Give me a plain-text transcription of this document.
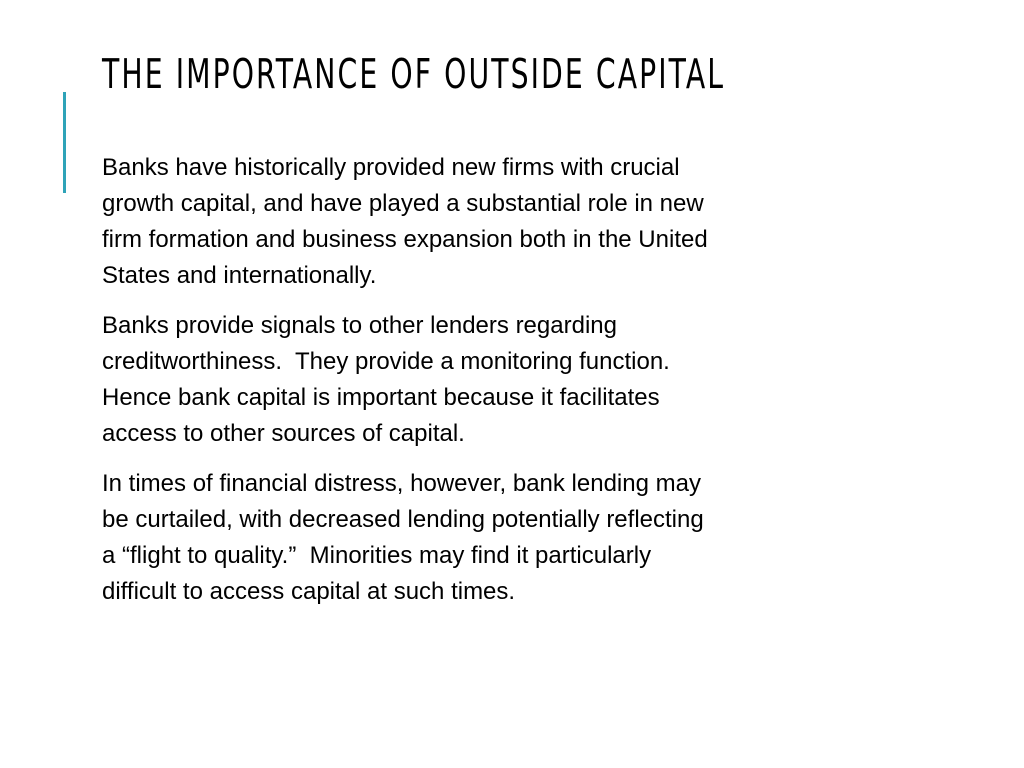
THE IMPORTANCE OF OUTSIDE CAPITAL

Banks have historically provided new firms with crucial
growth capital, and have played a substantial role in new
firm formation and business expansion both in the United
States and internationally.

Banks provide signals to other lenders regarding
creditworthiness.  They provide a monitoring function.
Hence bank capital is important because it facilitates
access to other sources of capital.

In times of financial distress, however, bank lending may
be curtailed, with decreased lending potentially reflecting
a “flight to quality.”  Minorities may find it particularly
difficult to access capital at such times.
